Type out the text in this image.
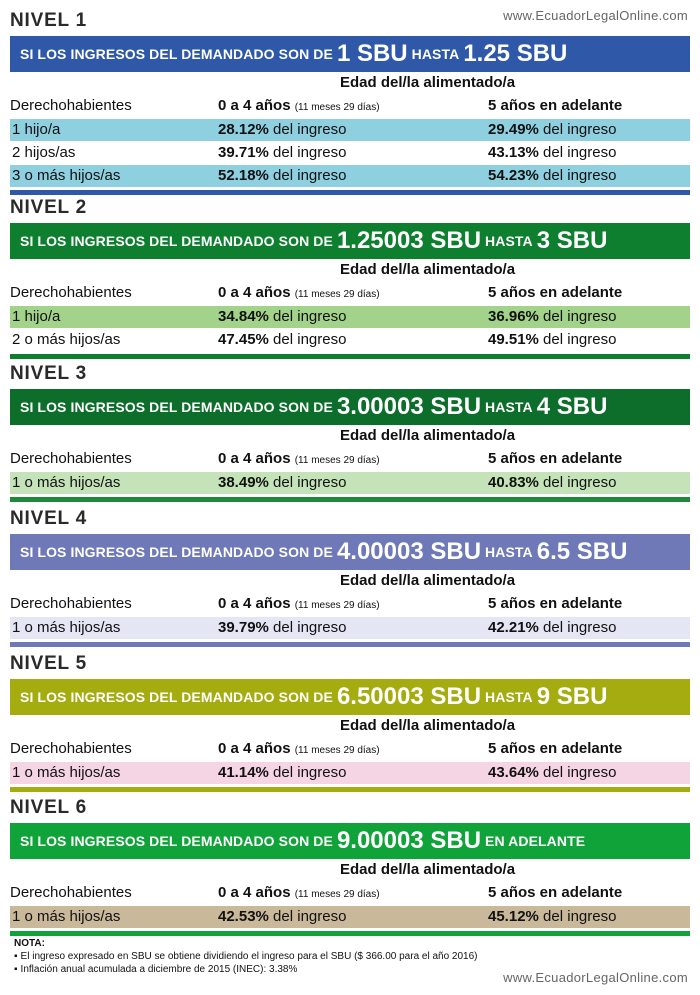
www.EcuadorLegalOnline.com
NIVEL 1
SI LOS INGRESOS DEL DEMANDADO SON DE 1 SBU HASTA 1.25 SBU
Edad del/la alimentado/a
Derechohabientes	0 a 4 años (11 meses 29 días)	5 años en adelante
1 hijo/a	28.12% del ingreso	29.49% del ingreso
2 hijos/as	39.71% del ingreso	43.13% del ingreso
3 o más hijos/as	52.18% del ingreso	54.23% del ingreso
NIVEL 2
SI LOS INGRESOS DEL DEMANDADO SON DE 1.25003 SBU HASTA 3 SBU
Edad del/la alimentado/a
Derechohabientes	0 a 4 años (11 meses 29 días)	5 años en adelante
1 hijo/a	34.84% del ingreso	36.96% del ingreso
2 o más hijos/as	47.45% del ingreso	49.51% del ingreso
NIVEL 3
SI LOS INGRESOS DEL DEMANDADO SON DE 3.00003 SBU HASTA 4 SBU
Edad del/la alimentado/a
Derechohabientes	0 a 4 años (11 meses 29 días)	5 años en adelante
1 o más hijos/as	38.49% del ingreso	40.83% del ingreso
NIVEL 4
SI LOS INGRESOS DEL DEMANDADO SON DE 4.00003 SBU HASTA 6.5 SBU
Edad del/la alimentado/a
Derechohabientes	0 a 4 años (11 meses 29 días)	5 años en adelante
1 o más hijos/as	39.79% del ingreso	42.21% del ingreso
NIVEL 5
SI LOS INGRESOS DEL DEMANDADO SON DE 6.50003 SBU HASTA 9 SBU
Edad del/la alimentado/a
Derechohabientes	0 a 4 años (11 meses 29 días)	5 años en adelante
1 o más hijos/as	41.14% del ingreso	43.64% del ingreso
NIVEL 6
SI LOS INGRESOS DEL DEMANDADO SON DE 9.00003 SBU EN ADELANTE
Edad del/la alimentado/a
Derechohabientes	0 a 4 años (11 meses 29 días)	5 años en adelante
1 o más hijos/as	42.53% del ingreso	45.12% del ingreso
NOTA:
▪ El ingreso expresado en SBU se obtiene dividiendo el ingreso para el SBU ($ 366.00 para el año 2016)
▪ Inflación anual acumulada a diciembre de 2015 (INEC): 3.38%
www.EcuadorLegalOnline.com
